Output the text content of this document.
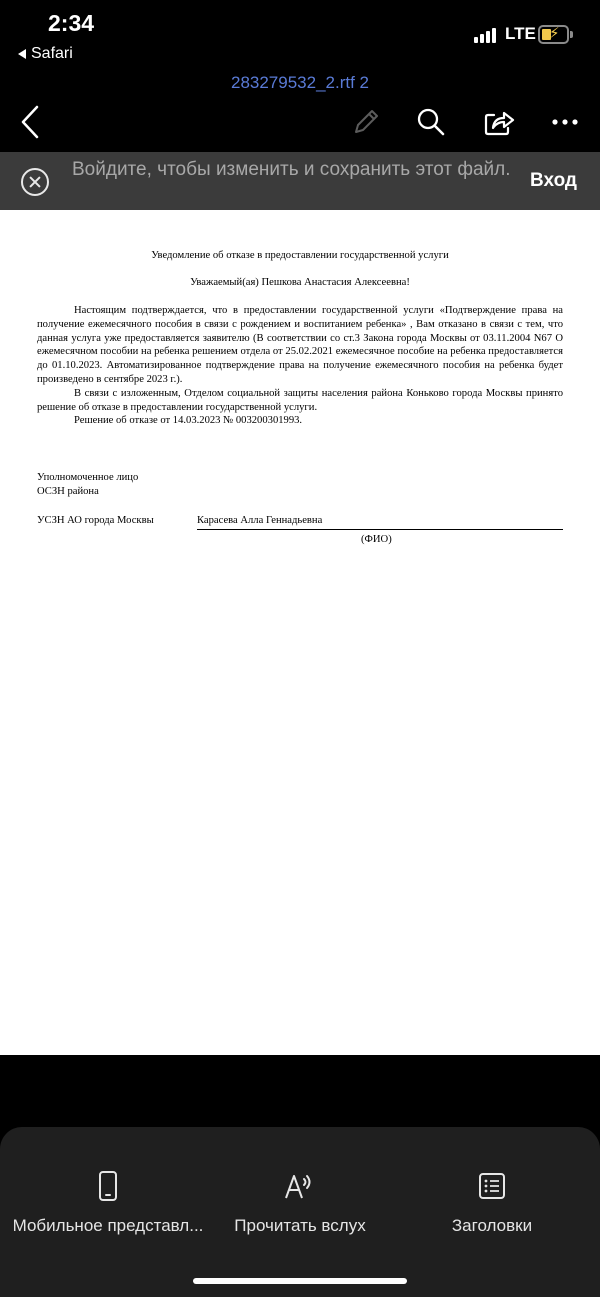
2:34
Safari
LTE ⚡
283279532_2.rtf 2
Войдите, чтобы изменить и сохранить этот файл.
Вход
Уведомление об отказе в предоставлении государственной услуги
Уважаемый(ая) Пешкова Анастасия Алексеевна!

Настоящим подтверждается, что в предоставлении государственной услуги «Подтверждение права на получение ежемесячного пособия в связи с рождением и воспитанием ребенка» , Вам отказано в связи с тем, что данная услуга уже предоставляется заявителю (В соответствии со ст.3 Закона города Москвы от 03.11.2004 N67 О ежемесячном пособии на ребенка решением отдела от 25.02.2021 ежемесячное пособие на ребенка предоставляется до 01.10.2023. Автоматизированное подтверждение права на получение ежемесячного пособия на ребенка будет произведено в сентябре 2023 г.).

В связи с изложенным, Отделом социальной защиты населения района Коньково города Москвы принято решение об отказе в предоставлении государственной услуги.

Решение об отказе от 14.03.2023 № 003200301993.

Уполномоченное лицо
ОСЗН района
УСЗН АО города Москвы	Карасева Алла Геннадьевна
(ФИО)
Мобильное представл...	Прочитать вслух	Заголовки
